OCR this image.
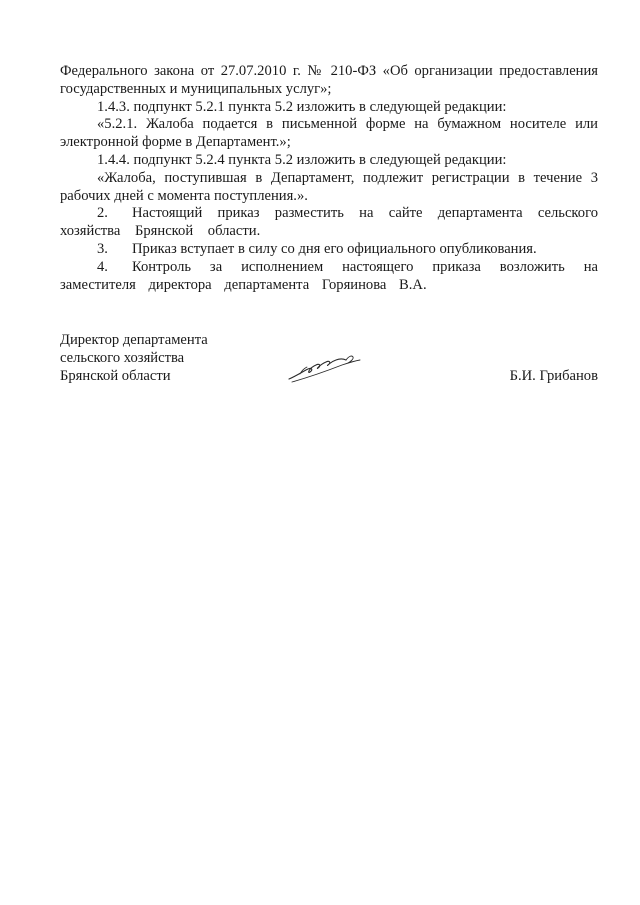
Федерального закона от 27.07.2010 г. № 210-ФЗ «Об организации предоставления государственных и муниципальных услуг»;

1.4.3. подпункт 5.2.1 пункта 5.2 изложить в следующей редакции:

«5.2.1. Жалоба подается в письменной форме на бумажном носителе или электронной форме в Департамент.»;

1.4.4. подпункт 5.2.4 пункта 5.2 изложить в следующей редакции:

«Жалоба, поступившая в Департамент, подлежит регистрации в течение 3 рабочих дней с момента поступления.».

2. Настоящий приказ разместить на сайте департамента сельского хозяйства Брянской области.

3. Приказ вступает в силу со дня его официального опубликования.

4. Контроль за исполнением настоящего приказа возложить на заместителя директора департамента Горяинова В.А.

Директор департамента
сельского хозяйства
Брянской области	Б.И. Грибанов
